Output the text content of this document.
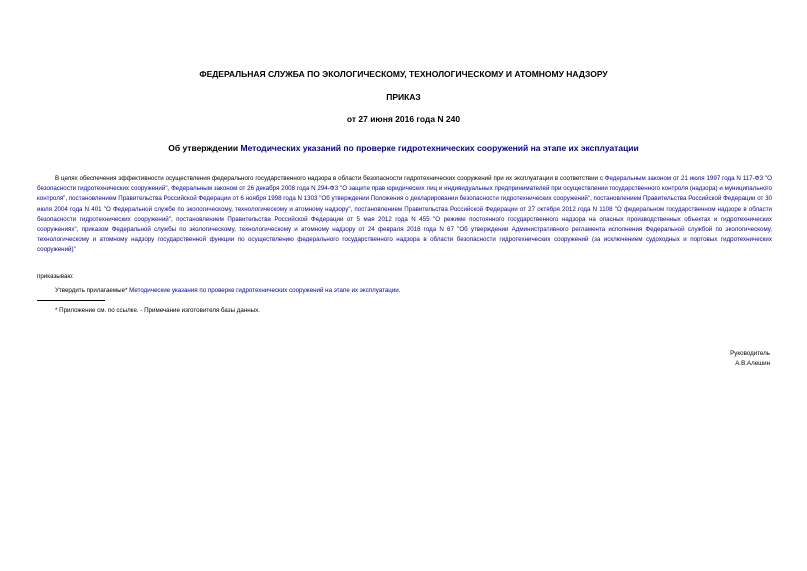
ФЕДЕРАЛЬНАЯ СЛУЖБА ПО ЭКОЛОГИЧЕСКОМУ, ТЕХНОЛОГИЧЕСКОМУ И АТОМНОМУ НАДЗОРУ
ПРИКАЗ
от 27 июня 2016 года N 240
Об утверждении Методических указаний по проверке гидротехнических сооружений на этапе их эксплуатации
В целях обеспечения эффективности осуществления федерального государственного надзора в области безопасности гидротехнических сооружений при их эксплуатации в соответствии с Федеральным законом от 21 июля 1997 года N 117-ФЗ "О безопасности гидротехнических сооружений", Федеральным законом от 26 декабря 2008 года N 294-ФЗ "О защите прав юридических лиц и индивидуальных предпринимателей при осуществлении государственного контроля (надзора) и муниципального контроля", постановлением Правительства Российской Федерации от 6 ноября 1998 года N 1303 "Об утверждении Положения о декларировании безопасности гидротехнических сооружений", постановлением Правительства Российской Федерации от 30 июля 2004 года N 401 "О Федеральной службе по экологическому, технологическому и атомному надзору", постановлением Правительства Российской Федерации от 27 октября 2012 года N 1108 "О федеральном государственном надзоре в области безопасности гидротехнических сооружений", постановлением Правительства Российской Федерации от 5 мая 2012 года N 455 "О режиме постоянного государственного надзора на опасных производственных объектах и гидротехнических сооружениях", приказом Федеральной службы по экологическому, технологическому и атомному надзору от 24 февраля 2016 года N 67 "Об утверждении Административного регламента исполнения Федеральной службой по экологическому, технологическому и атомному надзору государственной функции по осуществлению федерального государственного надзора в области безопасности гидротехнических сооружений (за исключением судоходных и портовых гидротехнических сооружений)"
приказываю:
Утвердить прилагаемые* Методические указания по проверке гидротехнических сооружений на этапе их эксплуатации.
* Приложение см. по ссылке. - Примечание изготовителя базы данных.
Руководитель
А.В.Алешин
